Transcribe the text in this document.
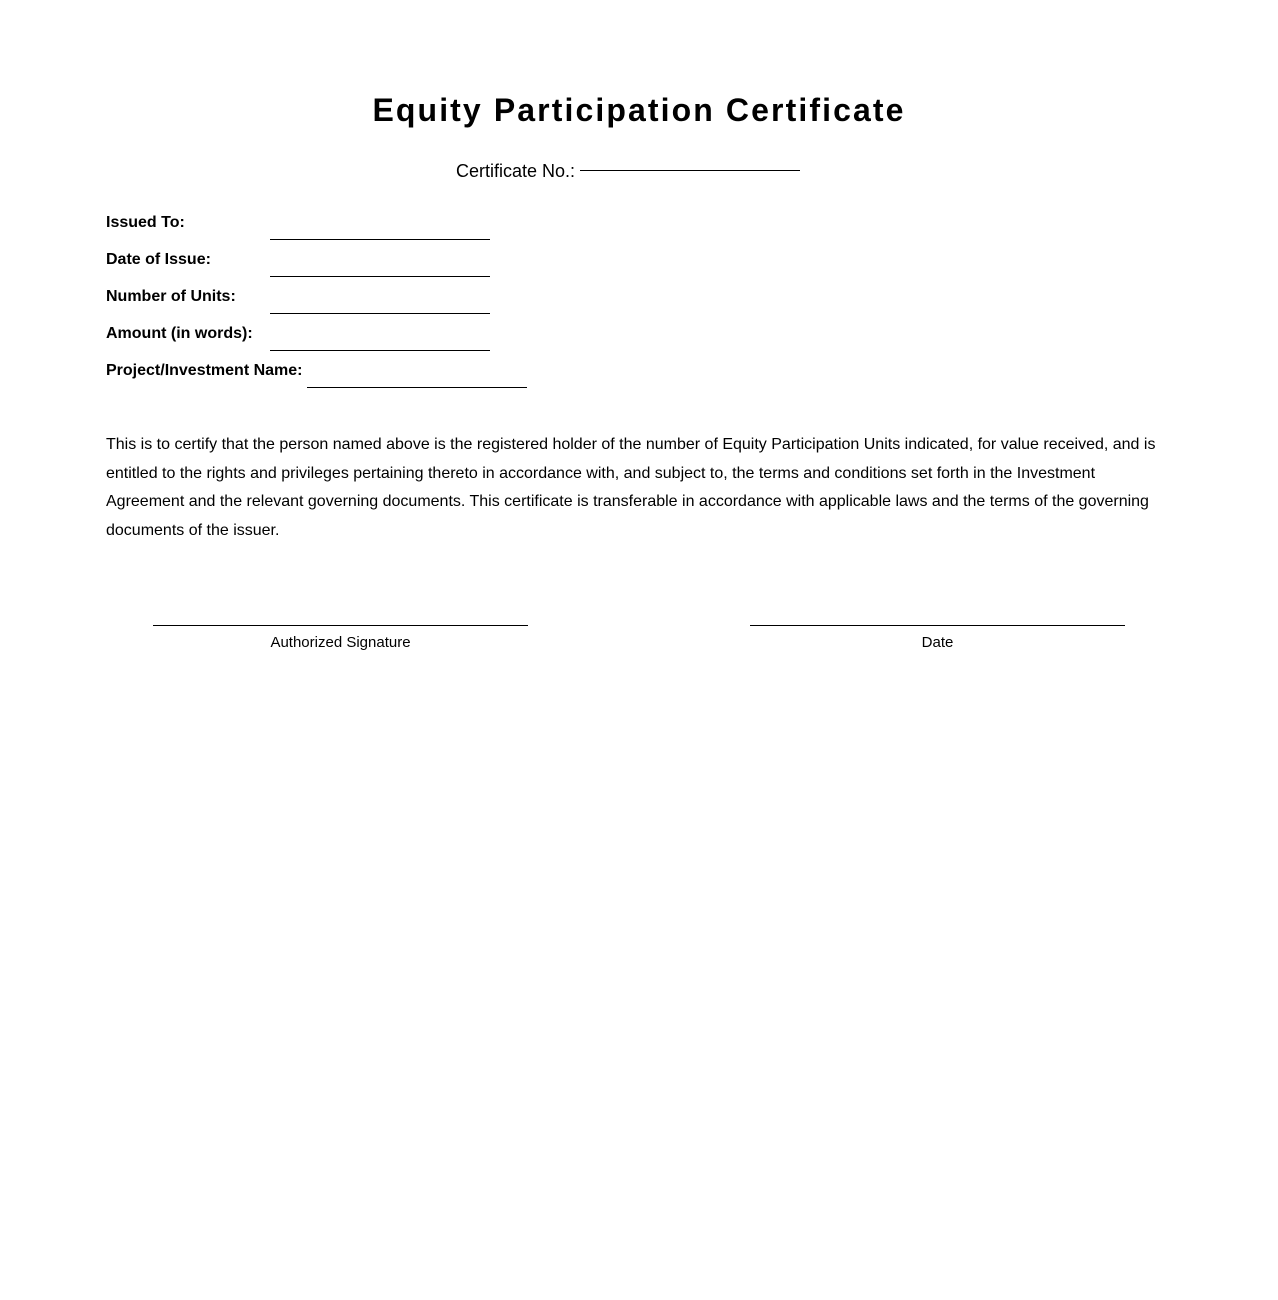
Equity Participation Certificate
Certificate No.:
Issued To:
Date of Issue:
Number of Units:
Amount (in words):
Project/Investment Name:
This is to certify that the person named above is the registered holder of the number of Equity Participation Units indicated, for value received, and is entitled to the rights and privileges pertaining thereto in accordance with, and subject to, the terms and conditions set forth in the Investment Agreement and the relevant governing documents. This certificate is transferable in accordance with applicable laws and the terms of the governing documents of the issuer.
Authorized Signature	Date
